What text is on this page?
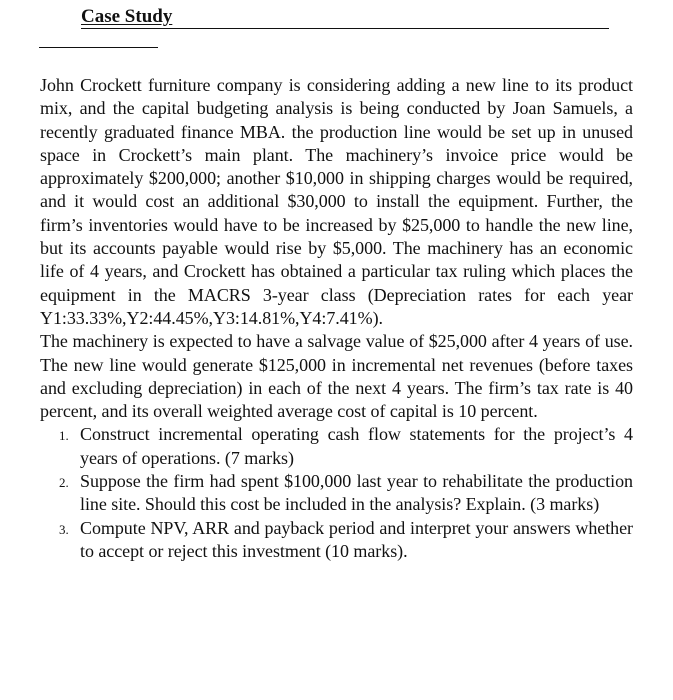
Case Study

John Crockett furniture company is considering adding a new line to its product mix, and the capital budgeting analysis is being conducted by Joan Samuels, a recently graduated finance MBA. the production line would be set up in unused space in Crockett’s main plant. The machinery’s invoice price would be approximately $200,000; another $10,000 in shipping charges would be required, and it would cost an additional $30,000 to install the equipment. Further, the firm’s inventories would have to be increased by $25,000 to handle the new line, but its accounts payable would rise by $5,000. The machinery has an economic life of 4 years, and Crockett has obtained a particular tax ruling which places the equipment in the MACRS 3-year class (Depreciation rates for each year Y1:33.33%,Y2:44.45%,Y3:14.81%,Y4:7.41%).

The machinery is expected to have a salvage value of $25,000 after 4 years of use. The new line would generate $125,000 in incremental net revenues (before taxes and excluding depreciation) in each of the next 4 years. The firm’s tax rate is 40 percent, and its overall weighted average cost of capital is 10 percent.

1. Construct incremental operating cash flow statements for the project’s 4 years of operations. (7 marks)
2. Suppose the firm had spent $100,000 last year to rehabilitate the production line site. Should this cost be included in the analysis? Explain. (3 marks)
3. Compute NPV, ARR and payback period and interpret your answers whether to accept or reject this investment (10 marks).
